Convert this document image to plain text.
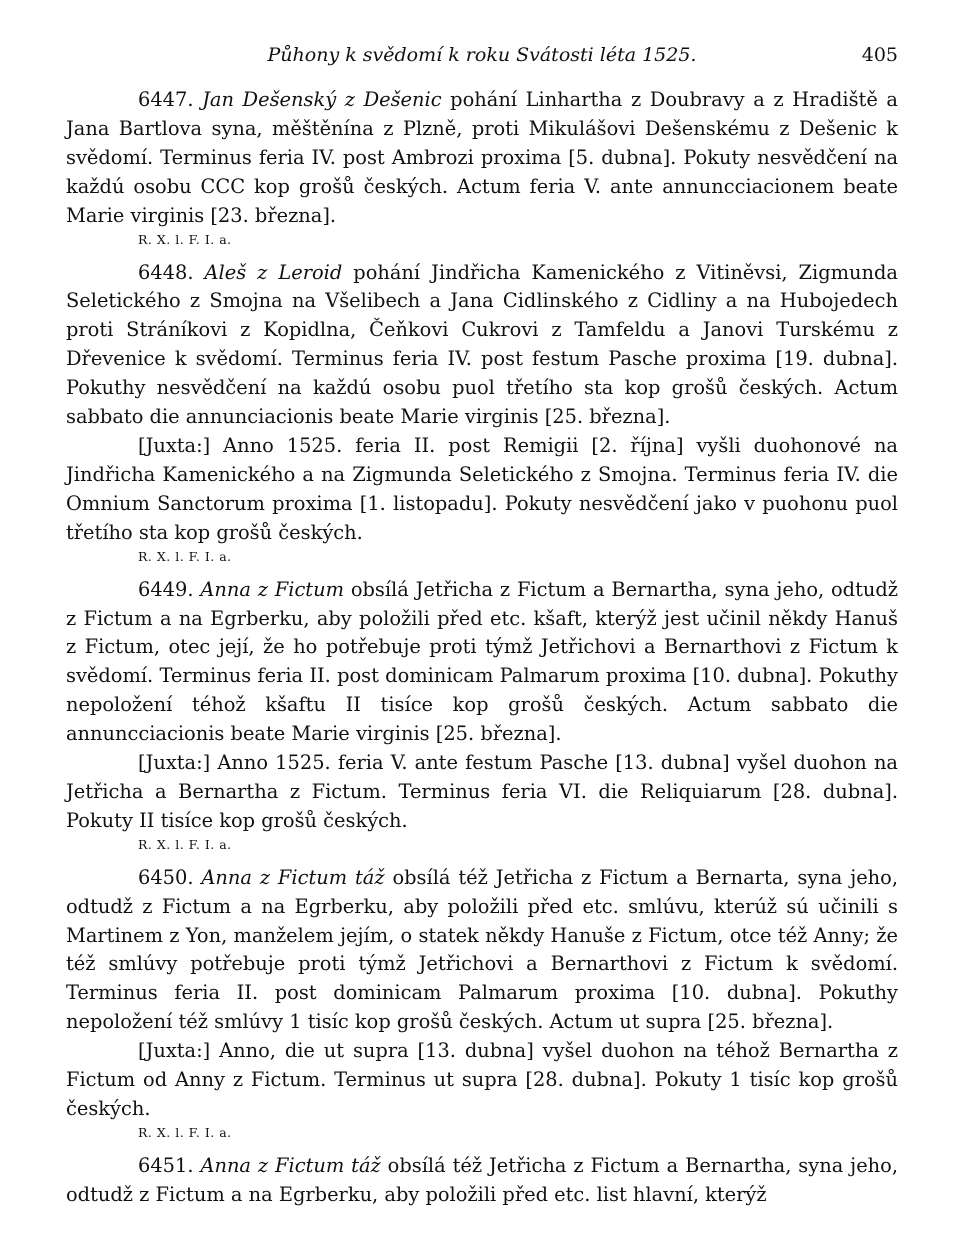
Půhony k svědomí k roku Svátosti léta 1525.	405

6447. Jan Dešenský z Dešenic pohání Linhartha z Doubravy a z Hradiště a Jana Bartlova syna, měštěnína z Plzně, proti Mikulášovi Dešenskému z Dešenic k svědomí. Terminus feria IV. post Ambrozi proxima [5. dubna]. Pokuty nesvědčení na každú osobu CCC kop grošů českých. Actum feria V. ante annuncciacionem beate Marie virginis [23. března].

R. X. l. F. I. a.

6448. Aleš z Leroid pohání Jindřicha Kamenického z Vitiněvsi, Zigmunda Seletického z Smojna na Všelibech a Jana Cidlinského z Cidliny a na Hubojedech proti Stráníkovi z Kopidlna, Čeňkovi Cukrovi z Tamfeldu a Janovi Turskému z Dřevenice k svědomí. Terminus feria IV. post festum Pasche proxima [19. dubna]. Pokuthy nesvědčení na každú osobu puol třetího sta kop grošů českých. Actum sabbato die annunciacionis beate Marie virginis [25. března].

[Juxta:] Anno 1525. feria II. post Remigii [2. října] vyšli duohonové na Jindřicha Kamenického a na Zigmunda Seletického z Smojna. Terminus feria IV. die Omnium Sanctorum proxima [1. listopadu]. Pokuty nesvědčení jako v puohonu puol třetího sta kop grošů českých.

R. X. l. F. I. a.

6449. Anna z Fictum obsílá Jetřicha z Fictum a Bernartha, syna jeho, odtudž z Fictum a na Egrberku, aby položili před etc. kšaft, kterýž jest učinil někdy Hanuš z Fictum, otec její, že ho potřebuje proti týmž Jetřichovi a Bernarthovi z Fictum k svědomí. Terminus feria II. post dominicam Palmarum proxima [10. dubna]. Pokuthy nepoložení téhož kšaftu II tisíce kop grošů českých. Actum sabbato die annuncciacionis beate Marie virginis [25. března].

[Juxta:] Anno 1525. feria V. ante festum Pasche [13. dubna] vyšel duohon na Jetřicha a Bernartha z Fictum. Terminus feria VI. die Reliquiarum [28. dubna]. Pokuty II tisíce kop grošů českých.

R. X. l. F. I. a.

6450. Anna z Fictum táž obsílá též Jetřicha z Fictum a Bernarta, syna jeho, odtudž z Fictum a na Egrberku, aby položili před etc. smlúvu, kterúž sú učinili s Martinem z Yon, manželem jejím, o statek někdy Hanuše z Fictum, otce též Anny; že též smlúvy potřebuje proti týmž Jetřichovi a Bernarthovi z Fictum k svědomí. Terminus feria II. post dominicam Palmarum proxima [10. dubna]. Pokuthy nepoložení též smlúvy 1 tisíc kop grošů českých. Actum ut supra [25. března].

[Juxta:] Anno, die ut supra [13. dubna] vyšel duohon na téhož Bernartha z Fictum od Anny z Fictum. Terminus ut supra [28. dubna]. Pokuty 1 tisíc kop grošů českých.

R. X. l. F. I. a.

6451. Anna z Fictum táž obsílá též Jetřicha z Fictum a Bernartha, syna jeho, odtudž z Fictum a na Egrberku, aby položili před etc. list hlavní, kterýž
